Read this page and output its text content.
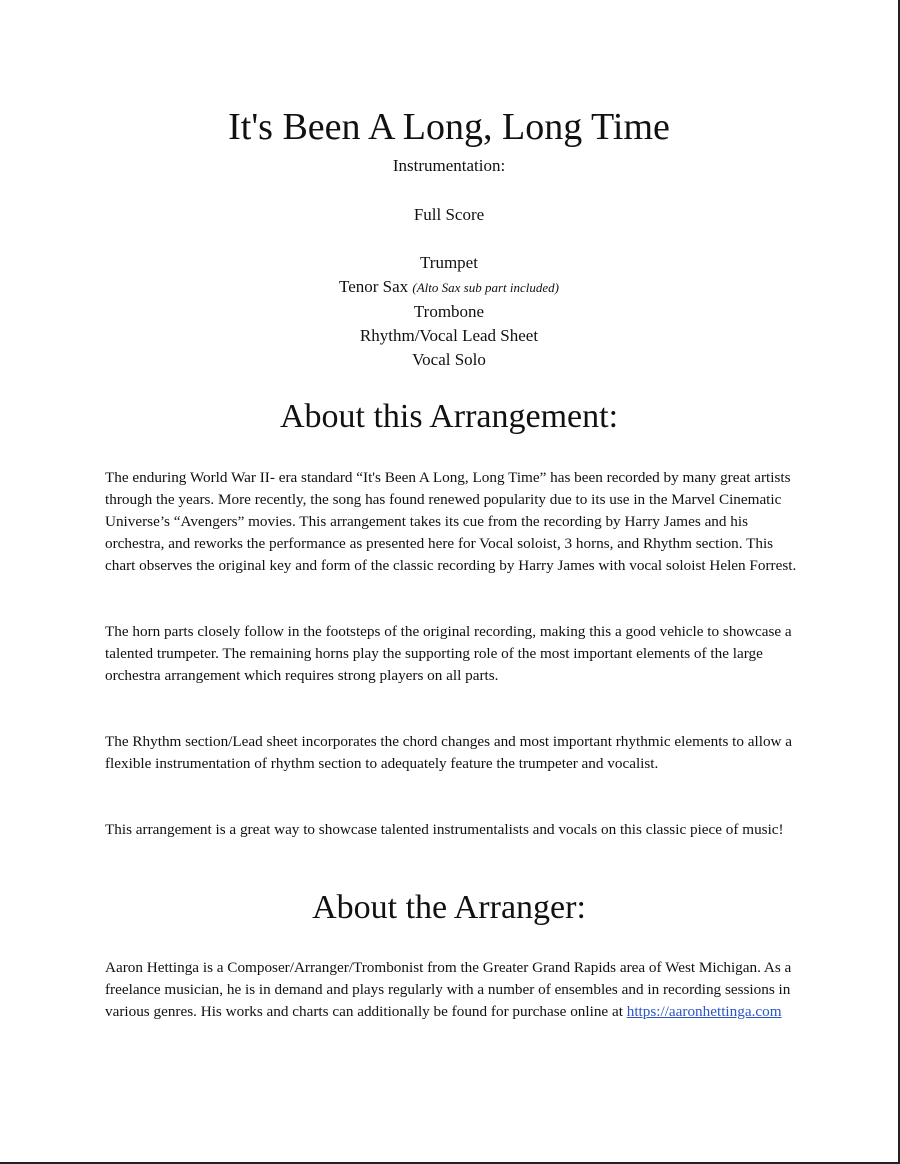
It's Been A Long, Long Time
Instrumentation:
Full Score
Trumpet
Tenor Sax (Alto Sax sub part included)
Trombone
Rhythm/Vocal Lead Sheet
Vocal Solo
About this Arrangement:

The enduring World War II- era standard “It's Been A Long, Long Time” has been recorded by many great artists through the years. More recently, the song has found renewed popularity due to its use in the Marvel Cinematic Universe’s “Avengers” movies. This arrangement takes its cue from the recording by Harry James and his orchestra, and reworks the performance as presented here for Vocal soloist, 3 horns, and Rhythm section. This chart observes the original key and form of the classic recording by Harry James with vocal soloist Helen Forrest.

The horn parts closely follow in the footsteps of the original recording, making this a good vehicle to showcase a talented trumpeter. The remaining horns play the supporting role of the most important elements of the large orchestra arrangement which requires strong players on all parts.

The Rhythm section/Lead sheet incorporates the chord changes and most important rhythmic elements to allow a flexible instrumentation of rhythm section to adequately feature the trumpeter and vocalist.

This arrangement is a great way to showcase talented instrumentalists and vocals on this classic piece of music!

About the Arranger:

Aaron Hettinga is a Composer/Arranger/Trombonist from the Greater Grand Rapids area of West Michigan. As a freelance musician, he is in demand and plays regularly with a number of ensembles and in recording sessions in various genres. His works and charts can additionally be found for purchase online at https://aaronhettinga.com
